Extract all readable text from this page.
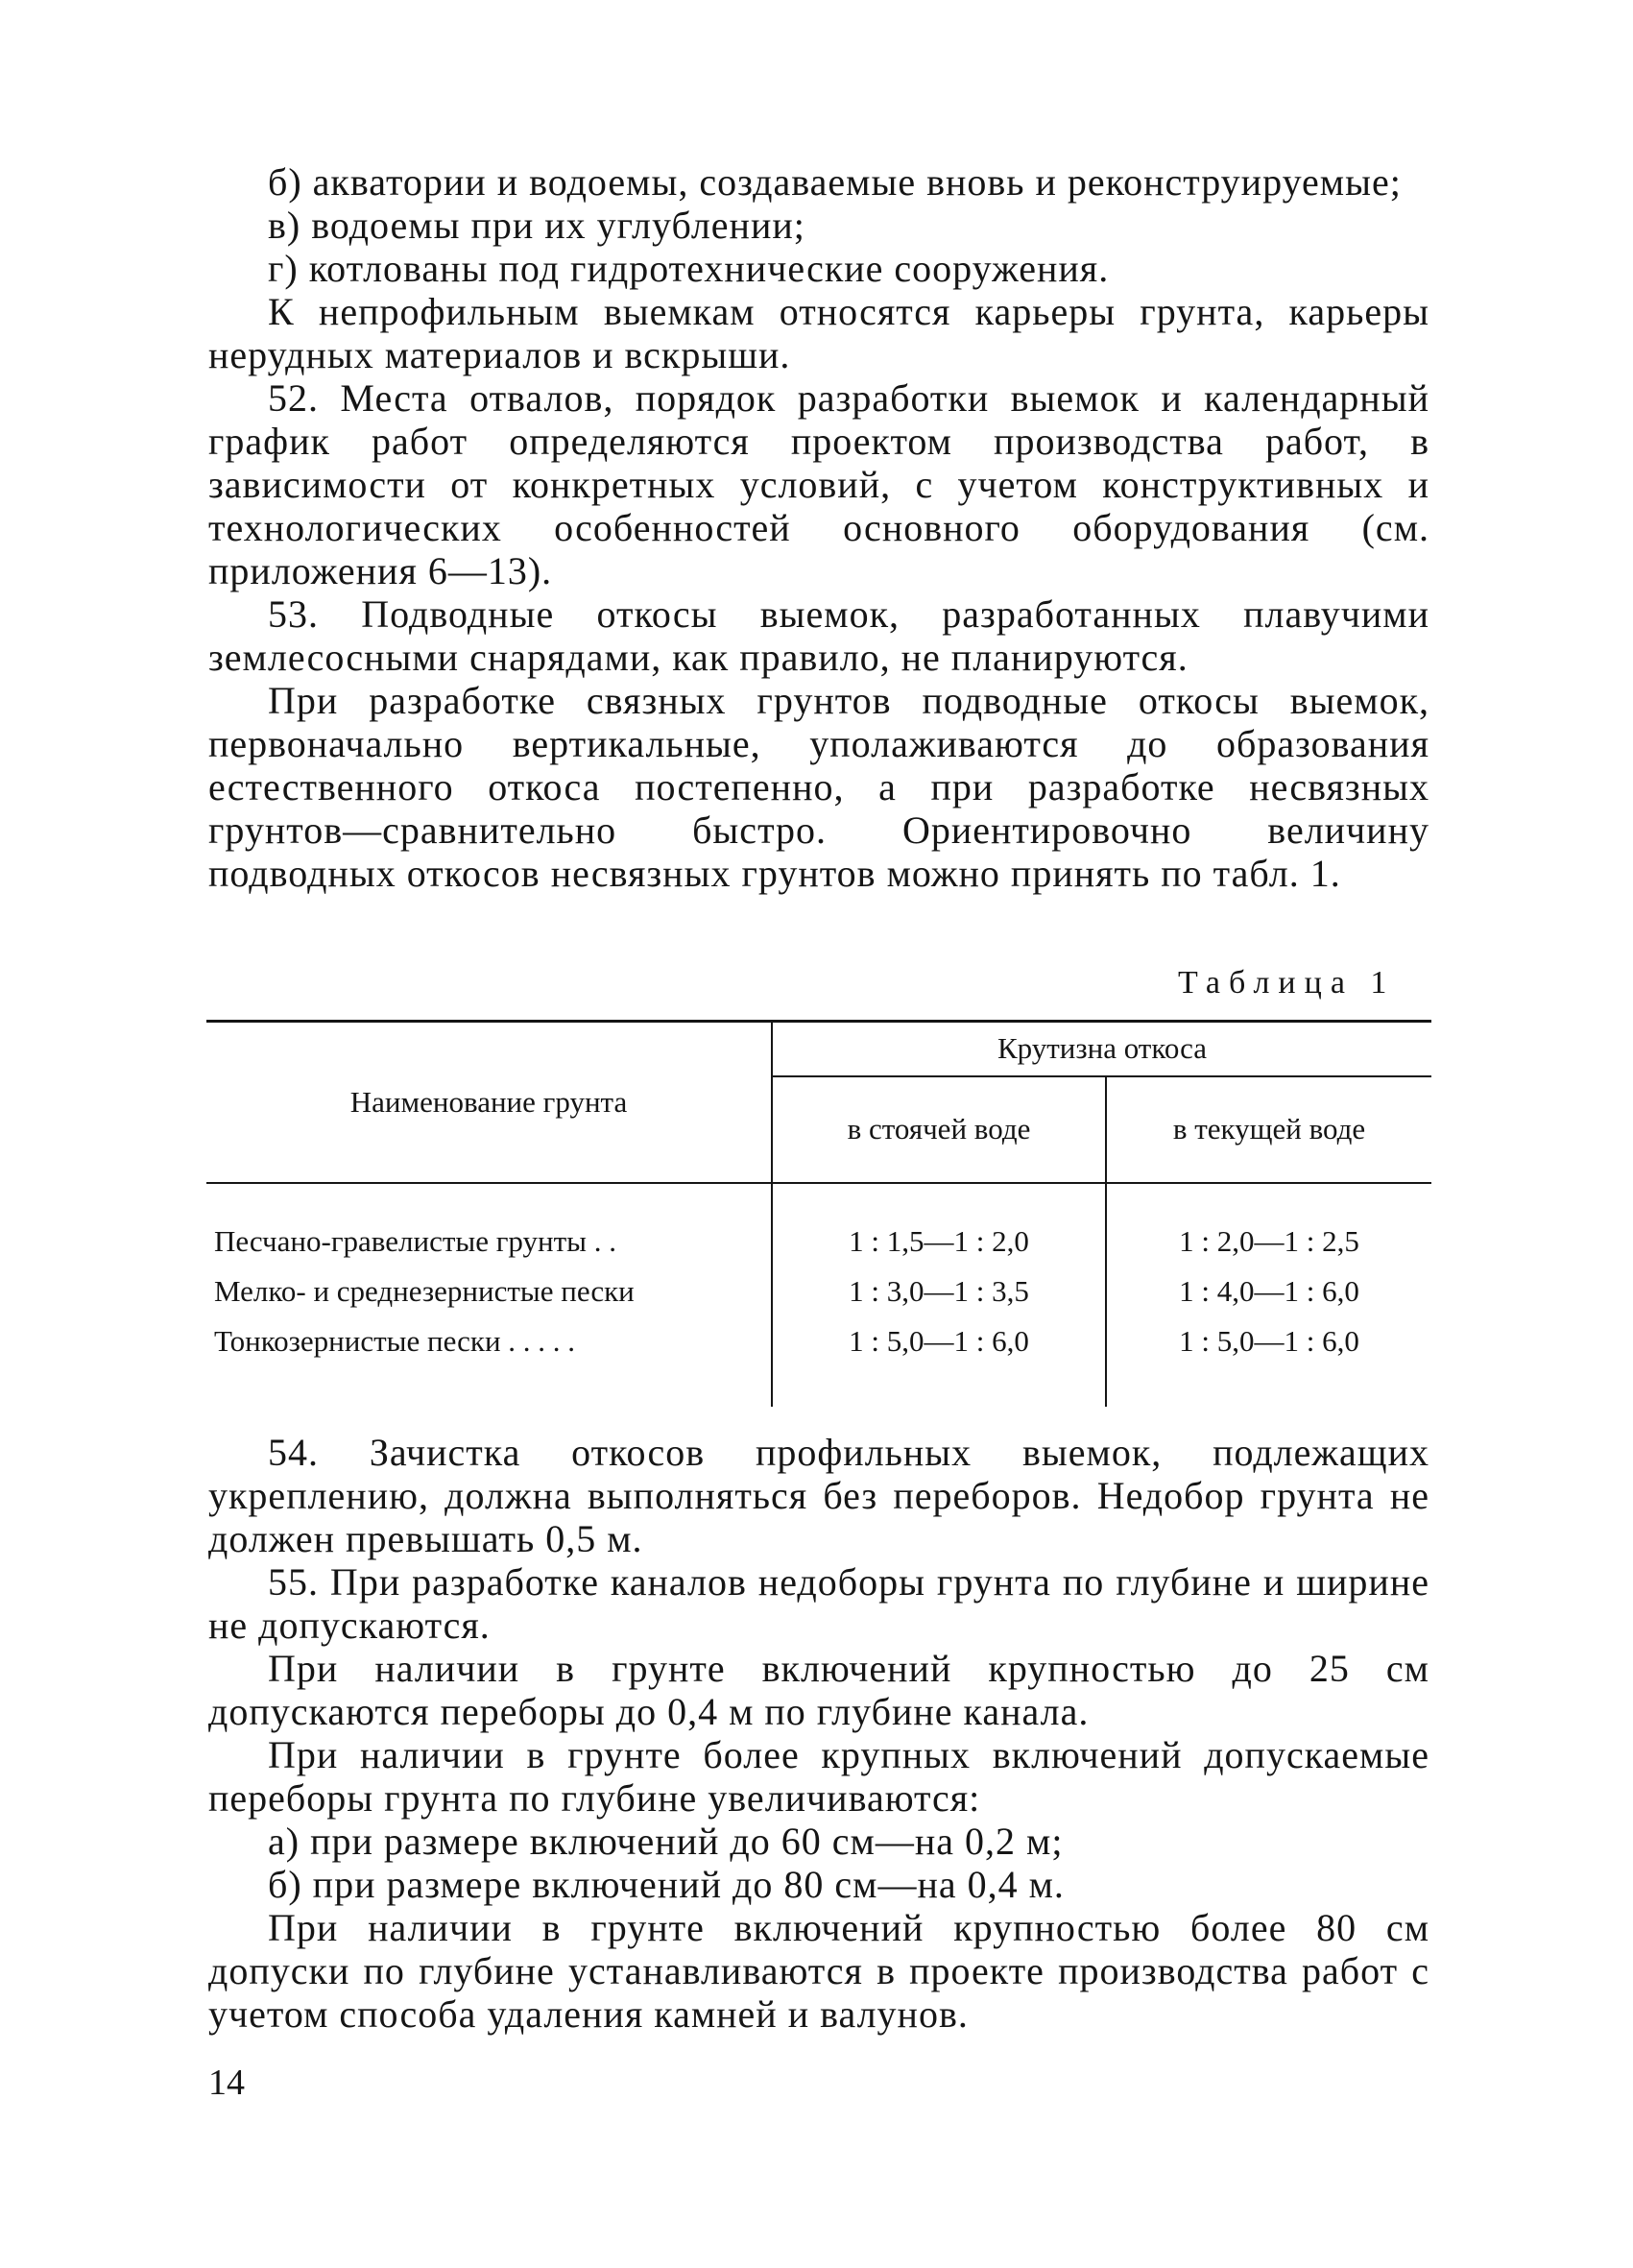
б) акватории и водоемы, создаваемые вновь и реконструируемые;

в) водоемы при их углублении;

г) котлованы под гидротехнические сооружения.

К непрофильным выемкам относятся карьеры грунта, карьеры нерудных материалов и вскрыши.

52. Места отвалов, порядок разработки выемок и календарный график работ определяются проектом производства работ, в зависимости от конкретных условий, с учетом конструктивных и технологических особенностей основного оборудования (см. приложения 6—13).

53. Подводные откосы выемок, разработанных плавучими землесосными снарядами, как правило, не планируются.

При разработке связных грунтов подводные откосы выемок, первоначально вертикальные, уполаживаются до образования естественного откоса постепенно, а при разработке несвязных грунтов—сравнительно быстро. Ориентировочно величину подводных откосов несвязных грунтов можно принять по табл. 1.

Таблица 1
Наименование грунта	Крутизна откоса	
	в стоячей воде	в текущей воде
Песчано-гравелистые грунты . .	1 : 1,5—1 : 2,0	1 : 2,0—1 : 2,5
Мелко- и среднезернистые пески	1 : 3,0—1 : 3,5	1 : 4,0—1 : 6,0
Тонкозернистые пески . . . . .	1 : 5,0—1 : 6,0	1 : 5,0—1 : 6,0

54. Зачистка откосов профильных выемок, подлежащих укреплению, должна выполняться без переборов. Недобор грунта не должен превышать 0,5 м.

55. При разработке каналов недоборы грунта по глубине и ширине не допускаются.

При наличии в грунте включений крупностью до 25 см допускаются переборы до 0,4 м по глубине канала.

При наличии в грунте более крупных включений допускаемые переборы грунта по глубине увеличиваются:

а) при размере включений до 60 см—на 0,2 м;

б) при размере включений до 80 см—на 0,4 м.

При наличии в грунте включений крупностью более 80 см допуски по глубине устанавливаются в проекте производства работ с учетом способа удаления камней и валунов.

14
